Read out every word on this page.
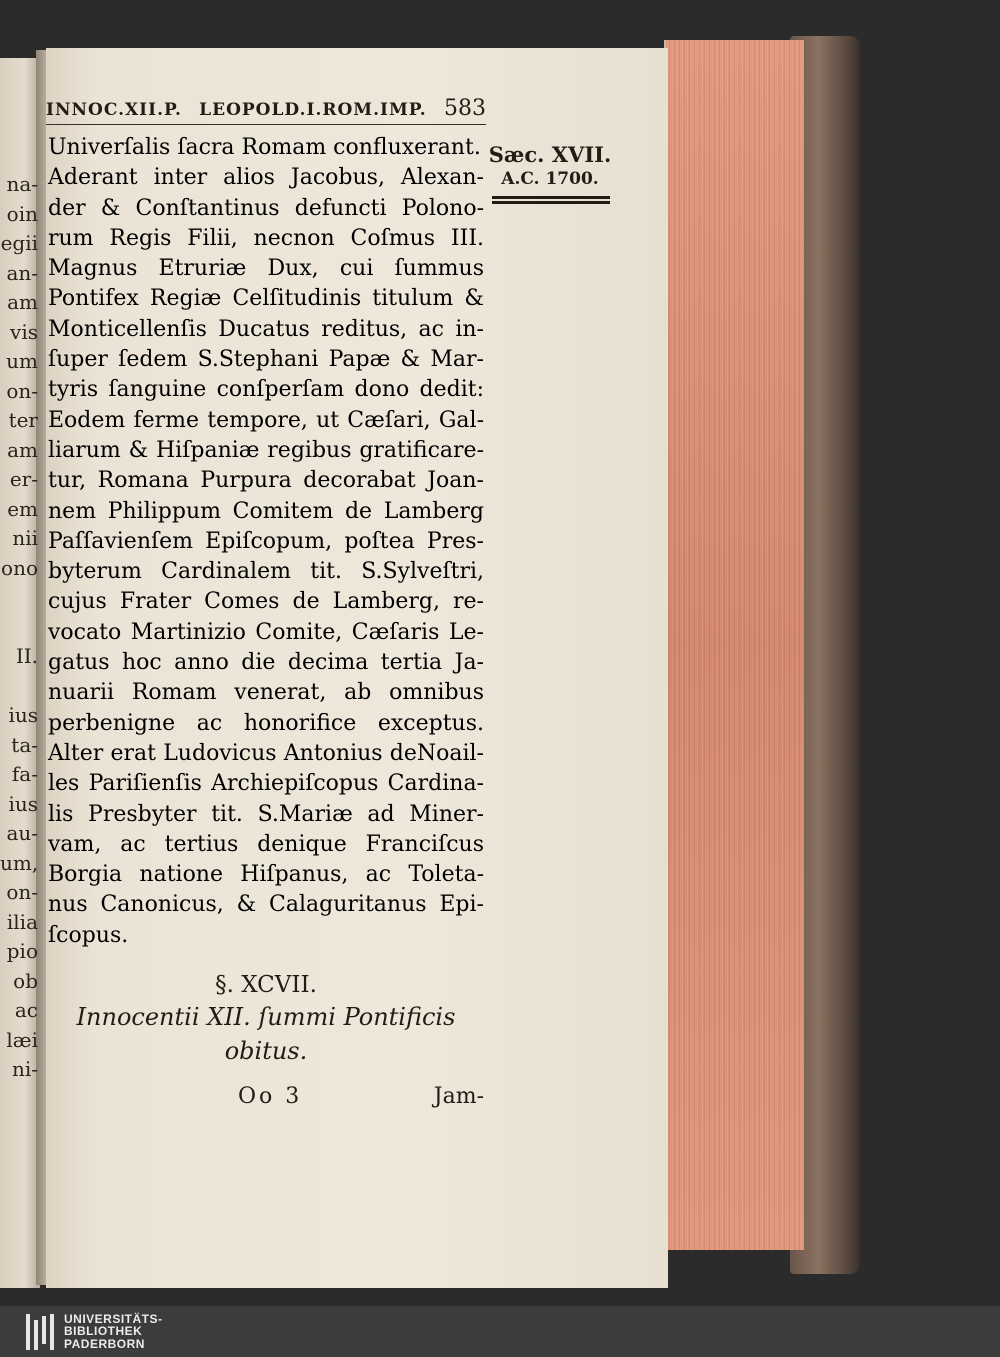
na-
oin
egii
an-
am
vis
um
on-
ter
am
er-
em
nii
ono
II.
ius
ta-
fa-
ius
au-
um,
on-
ilia
pio
ob
ac
læi
ni-
INNOC.XII.P. LEOPOLD.I.ROM.IMP. 583
Univerſalis ſacra Romam confluxerant.
Aderant inter alios Jacobus, Alexan-
der & Conſtantinus defuncti Polono-
rum Regis Filii, necnon Coſmus III.
Magnus Etruriæ Dux, cui ſummus
Pontifex Regiæ Celſitudinis titulum &
Monticellenſis Ducatus reditus, ac in-
ſuper ſedem S.Stephani Papæ & Mar-
tyris ſanguine conſperſam dono dedit:
Eodem ferme tempore, ut Cæſari, Gal-
liarum & Hiſpaniæ regibus gratificare-
tur, Romana Purpura decorabat Joan-
nem Philippum Comitem de Lamberg
Paſſavienſem Epiſcopum, poſtea Pres-
byterum Cardinalem tit. S.Sylveſtri,
cujus Frater Comes de Lamberg, re-
vocato Martinizio Comite, Cæſaris Le-
gatus hoc anno die decima tertia Ja-
nuarii Romam venerat, ab omnibus
perbenigne ac honorifice exceptus.
Alter erat Ludovicus Antonius deNoail-
les Pariſienſis Archiepiſcopus Cardina-
lis Presbyter tit. S.Mariæ ad Miner-
vam, ac tertius denique Franciſcus
Borgia natione Hiſpanus, ac Toleta-
nus Canonicus, & Calaguritanus Epi-
ſcopus.
Sæc. XVII.
A.C. 1700.
§. XCVII.
Innocentii XII. ſummi Pontificis
obitus.
Oo 3	Jam-
UNIVERSITÄTS-
BIBLIOTHEK
PADERBORN
